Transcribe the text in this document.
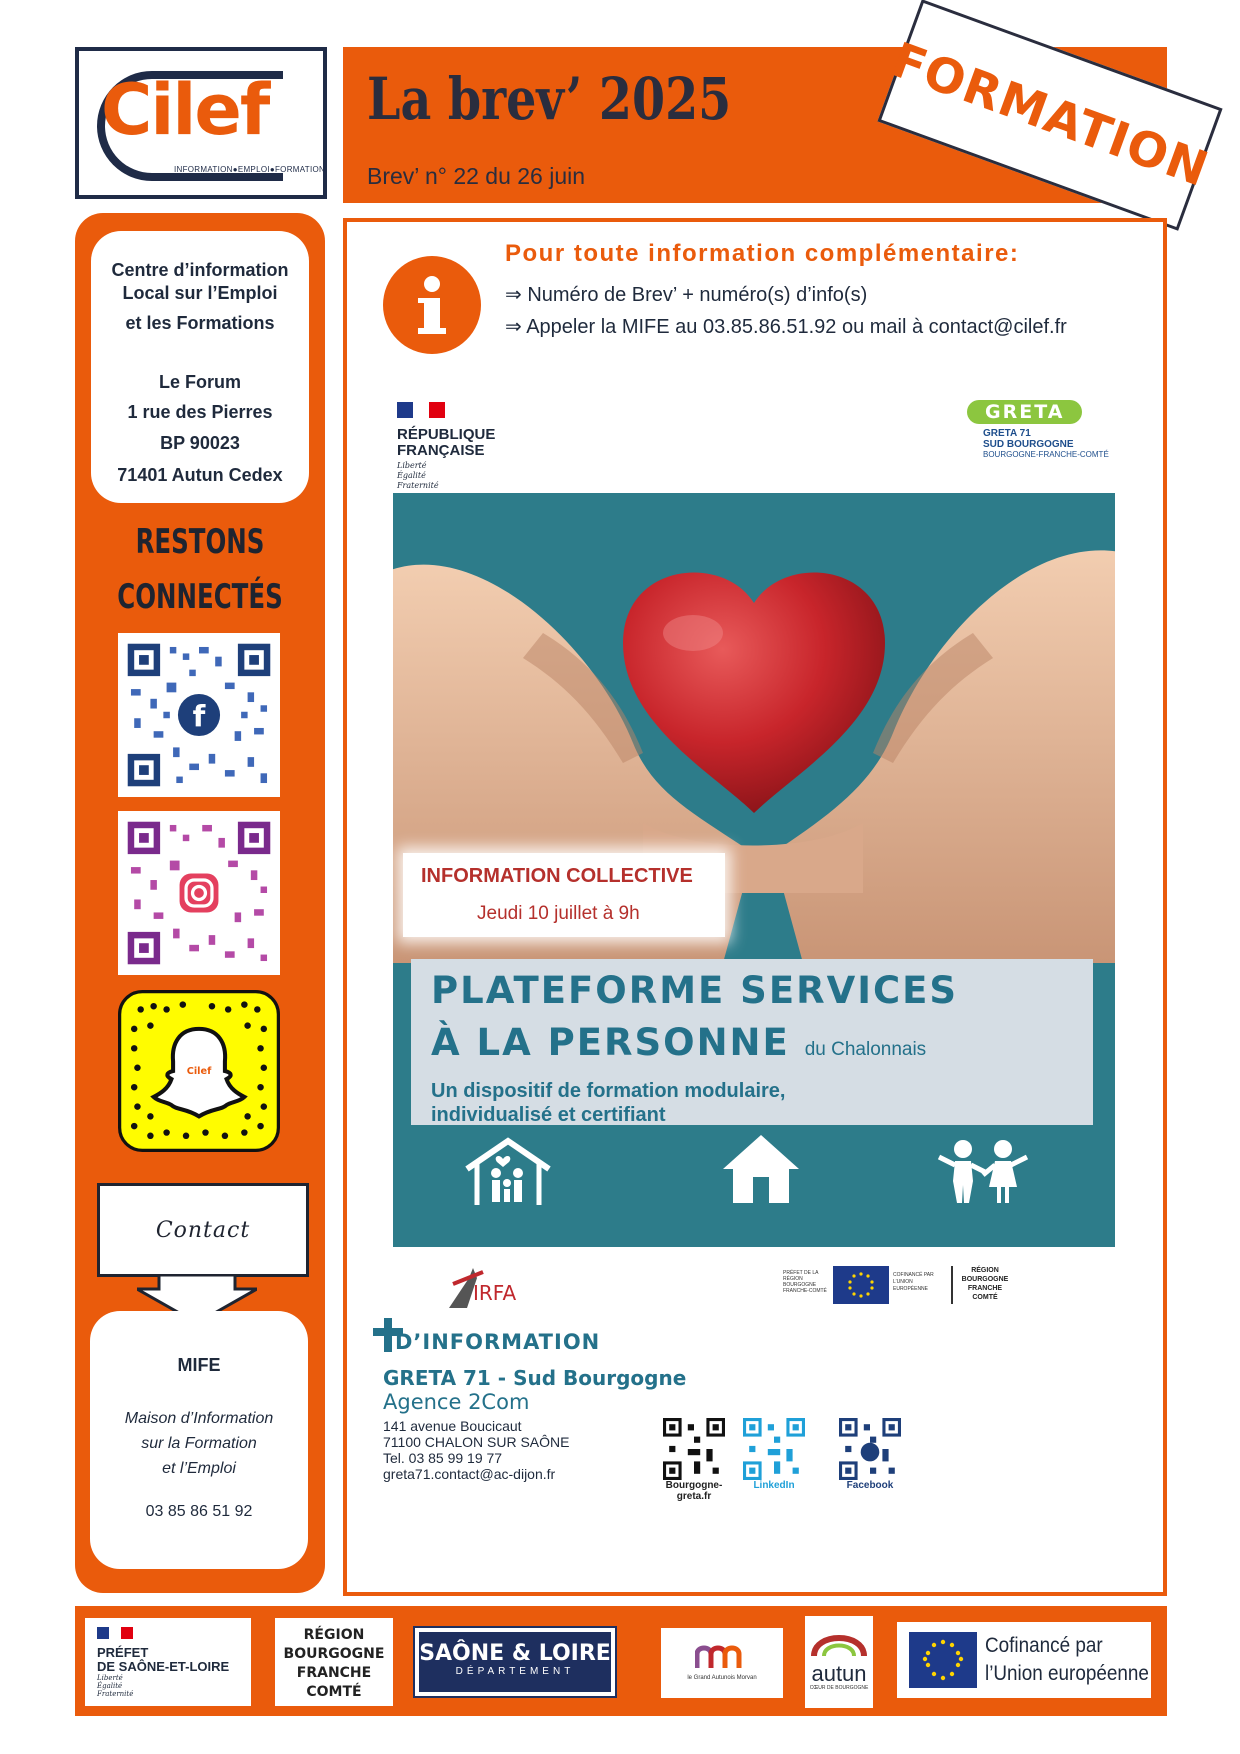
Cilef
INFORMATION●EMPLOI●FORMATION
La brev’ 2025
Brev’ n° 22 du 26 juin	FORMATION
Centre d’information
Local sur l’Emploi
et les Formations
Le Forum
1 rue des Pierres
BP 90023
71401 Autun Cedex
RESTONS
CONNECTÉS
f
Cilef
Contact
MIFE
Maison d’Information
sur la Formation
et l’Emploi
03 85 86 51 92
Pour toute information complémentaire:
⇒ Numéro de Brev’ + numéro(s) d’info(s)
⇒ Appeler la MIFE au 03.85.86.51.92 ou mail à contact@cilef.fr
RÉPUBLIQUE
FRANÇAISE
Liberté
Égalité
Fraternité
GRETA
GRETA 71
SUD BOURGOGNE
BOURGOGNE-FRANCHE-COMTÉ
INFORMATION COLLECTIVE
Jeudi 10 juillet à 9h
PLATEFORME SERVICES
À LA PERSONNE du Chalonnais
Un dispositif de formation modulaire,
individualisé et certifiant
IRFA
PRÉFET DE LA RÉGION BOURGOGNE FRANCHE-COMTÉ
COFINANCÉ PAR L’UNION EUROPÉENNE
RÉGION BOURGOGNE FRANCHE COMTÉ
D’INFORMATION
GRETA 71 - Sud Bourgogne
Agence 2Com
141 avenue Boucicaut
71100 CHALON SUR SAÔNE
Tel. 03 85 99 19 77
greta71.contact@ac-dijon.fr
Bourgogne-greta.fr
LinkedIn	Facebook
PRÉFET
DE SAÔNE-ET-LOIRE
Liberté
Égalité
Fraternité
RÉGION
BOURGOGNE
FRANCHE
COMTÉ
SAÔNE & LOIRE
DÉPARTEMENT
le Grand Autunois Morvan	autun
CŒUR DE BOURGOGNE
Cofinancé par
l’Union européenne
